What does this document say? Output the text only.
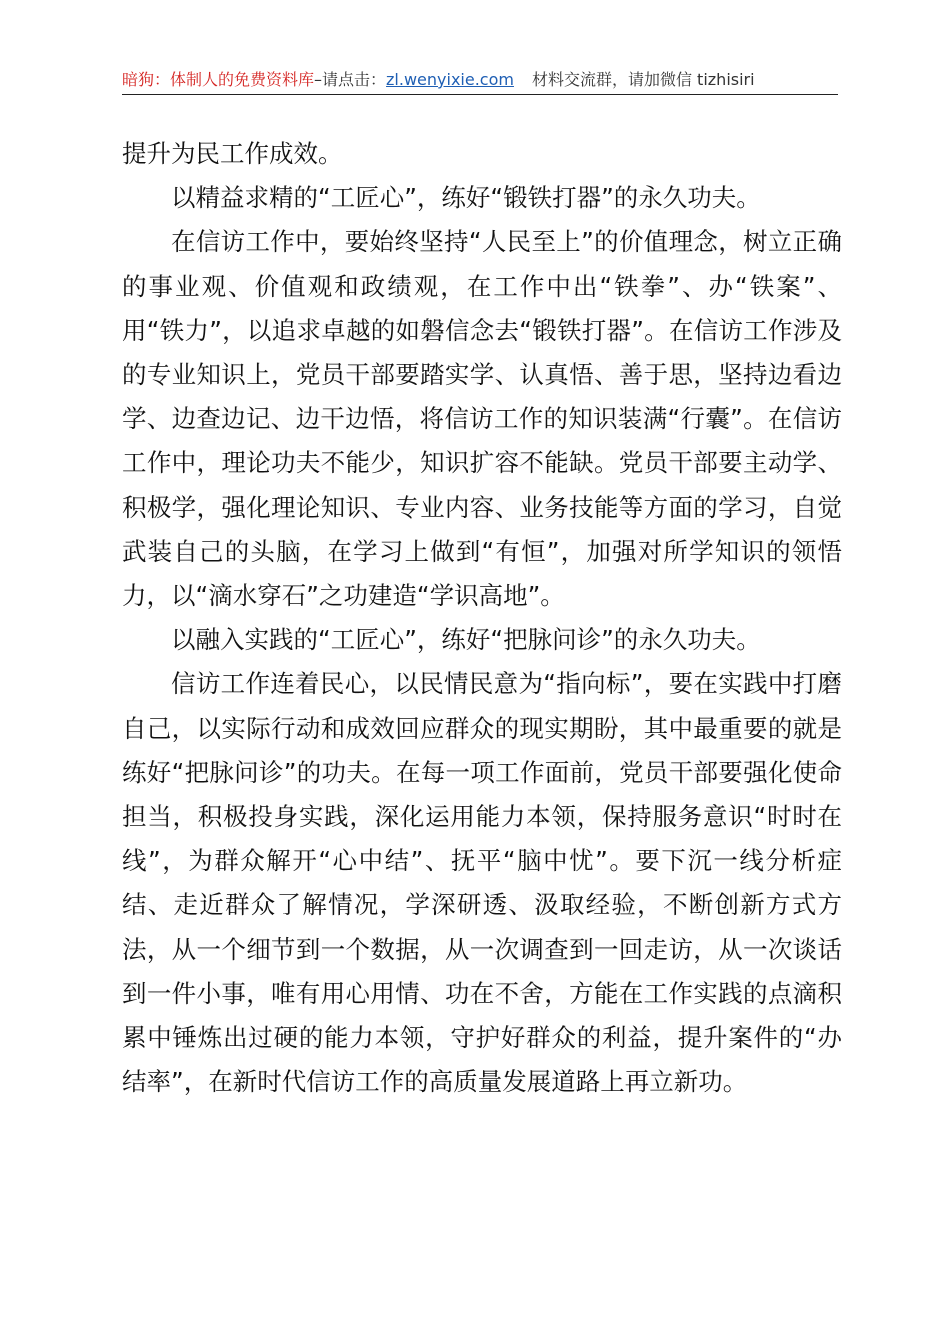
暗狗：体制人的免费资料库–请点击：zl.wenyixie.com 材料交流群，请加微信 tizhisiri

提升为民工作成效。

以精益求精的“工匠心”，练好“锻铁打器”的永久功夫。

在信访工作中，要始终坚持“人民至上”的价值理念，树立正确的事业观、价值观和政绩观，在工作中出“铁拳”、办“铁案”、用“铁力”，以追求卓越的如磐信念去“锻铁打器”。在信访工作涉及的专业知识上，党员干部要踏实学、认真悟、善于思，坚持边看边学、边查边记、边干边悟，将信访工作的知识装满“行囊”。在信访工作中，理论功夫不能少，知识扩容不能缺。党员干部要主动学、积极学，强化理论知识、专业内容、业务技能等方面的学习，自觉武装自己的头脑，在学习上做到“有恒”，加强对所学知识的领悟力，以“滴水穿石”之功建造“学识高地”。

以融入实践的“工匠心”，练好“把脉问诊”的永久功夫。

信访工作连着民心，以民情民意为“指向标”，要在实践中打磨自己，以实际行动和成效回应群众的现实期盼，其中最重要的就是练好“把脉问诊”的功夫。在每一项工作面前，党员干部要强化使命担当，积极投身实践，深化运用能力本领，保持服务意识“时时在线”，为群众解开“心中结”、抚平“脑中忧”。要下沉一线分析症结、走近群众了解情况，学深研透、汲取经验，不断创新方式方法，从一个细节到一个数据，从一次调查到一回走访，从一次谈话到一件小事，唯有用心用情、功在不舍，方能在工作实践的点滴积累中锤炼出过硬的能力本领，守护好群众的利益，提升案件的“办结率”，在新时代信访工作的高质量发展道路上再立新功。
